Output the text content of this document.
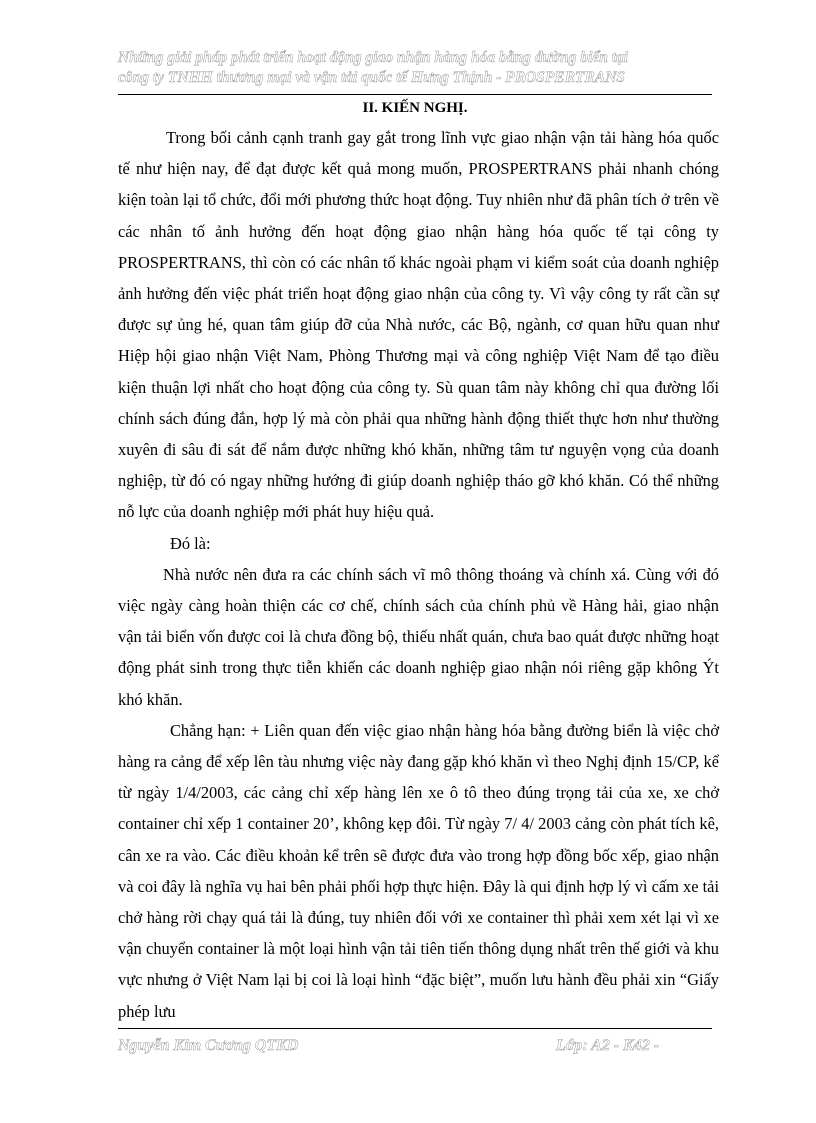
Những giải pháp phát triển hoạt động giao nhận hàng hóa bằng đường biển tại
công ty TNHH thương mại và vận tải quốc tế Hưng Thịnh - PROSPERTRANS
II. KIẾN NGHỊ.

Trong bối cảnh cạnh tranh gay gắt trong lĩnh vực giao nhận vận tải hàng hóa quốc tế như hiện nay, để đạt được kết quả mong muốn, PROSPERTRANS phải nhanh chóng kiện toàn lại tổ chức, đổi mới phương thức hoạt động. Tuy nhiên như đã phân tích ở trên về các nhân tố ảnh hưởng đến hoạt động giao nhận hàng hóa quốc tế tại công ty PROSPERTRANS, thì còn có các nhân tố khác ngoài phạm vi kiểm soát của doanh nghiệp ảnh hưởng đến việc phát triển hoạt động giao nhận của công ty. Vì vậy công ty rất cần sự được sự ủng hé, quan tâm giúp đỡ của Nhà nước, các Bộ, ngành, cơ quan hữu quan như Hiệp hội giao nhận Việt Nam, Phòng Thương mại và công nghiệp Việt Nam để tạo điều kiện thuận lợi nhất cho hoạt động của công ty. Sù quan tâm này không chỉ qua đường lối chính sách đúng đắn, hợp lý mà còn phải qua những hành động thiết thực hơn như thường xuyên đi sâu đi sát để nắm được những khó khăn, những tâm tư nguyện vọng của doanh nghiệp, từ đó có ngay những hướng đi giúp doanh nghiệp tháo gỡ khó khăn. Có thể những nỗ lực của doanh nghiệp mới phát huy hiệu quả.

Đó là:

Nhà nước nên đưa ra các chính sách vĩ mô thông thoáng và chính xá. Cùng với đó việc ngày càng hoàn thiện các cơ chế, chính sách của chính phủ về Hàng hải, giao nhận vận tải biển vốn được coi là chưa đồng bộ, thiếu nhất quán, chưa bao quát được những hoạt động phát sinh trong thực tiễn khiến các doanh nghiệp giao nhận nói riêng gặp không Ýt khó khăn.

Chẳng hạn: + Liên quan đến việc giao nhận hàng hóa bằng đường biển là việc chở hàng ra cảng để xếp lên tàu nhưng việc này đang gặp khó khăn vì theo Nghị định 15/CP, kể từ ngày 1/4/2003, các cảng chỉ xếp hàng lên xe ô tô theo đúng trọng tải của xe, xe chở container chỉ xếp 1 container 20’, không kẹp đôi. Từ ngày 7/ 4/ 2003 cảng còn phát tích kê, cân xe ra vào. Các điều khoản kể trên sẽ được đưa vào trong hợp đồng bốc xếp, giao nhận và coi đây là nghĩa vụ hai bên phải phối hợp thực hiện. Đây là qui định hợp lý vì cấm xe tải chở hàng rời chạy quá tải là đúng, tuy nhiên đối với xe container thì phải xem xét lại vì xe vận chuyển container là một loại hình vận tải tiên tiến thông dụng nhất trên thế giới và khu vực nhưng ở Việt Nam lại bị coi là loại hình “đặc biệt”, muốn lưu hành đều phải xin “Giấy phép lưu

Nguyễn Kim Cương QTKD	Lớp: A2 - K42 -
